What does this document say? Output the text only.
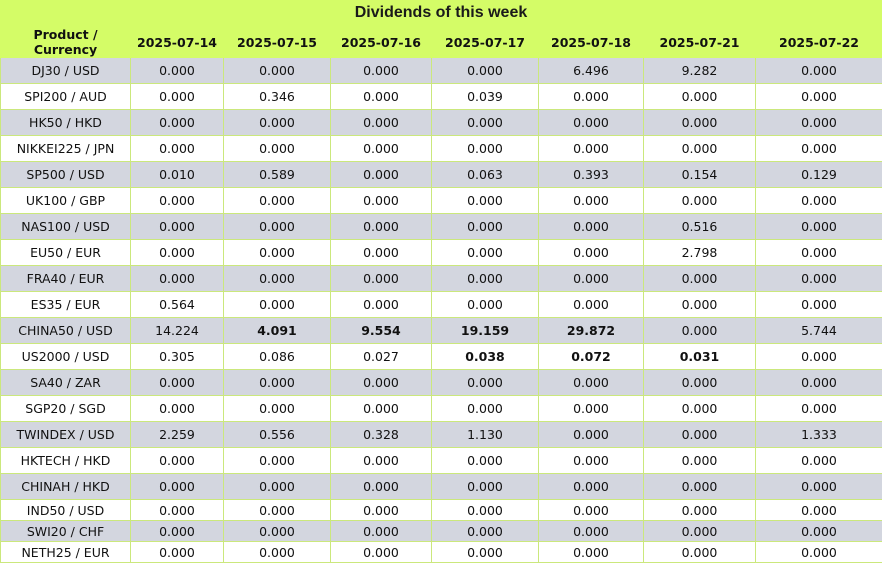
Dividends of this week
Product / Currency	2025-07-14	2025-07-15	2025-07-16	2025-07-17	2025-07-18	2025-07-21	2025-07-22
DJ30 / USD	0.000	0.000	0.000	0.000	6.496	9.282	0.000
SPI200 / AUD	0.000	0.346	0.000	0.039	0.000	0.000	0.000
HK50 / HKD	0.000	0.000	0.000	0.000	0.000	0.000	0.000
NIKKEI225 / JPN	0.000	0.000	0.000	0.000	0.000	0.000	0.000
SP500 / USD	0.010	0.589	0.000	0.063	0.393	0.154	0.129
UK100 / GBP	0.000	0.000	0.000	0.000	0.000	0.000	0.000
NAS100 / USD	0.000	0.000	0.000	0.000	0.000	0.516	0.000
EU50 / EUR	0.000	0.000	0.000	0.000	0.000	2.798	0.000
FRA40 / EUR	0.000	0.000	0.000	0.000	0.000	0.000	0.000
ES35 / EUR	0.564	0.000	0.000	0.000	0.000	0.000	0.000
CHINA50 / USD	14.224	4.091	9.554	19.159	29.872	0.000	5.744
US2000 / USD	0.305	0.086	0.027	0.038	0.072	0.031	0.000
SA40 / ZAR	0.000	0.000	0.000	0.000	0.000	0.000	0.000
SGP20 / SGD	0.000	0.000	0.000	0.000	0.000	0.000	0.000
TWINDEX / USD	2.259	0.556	0.328	1.130	0.000	0.000	1.333
HKTECH / HKD	0.000	0.000	0.000	0.000	0.000	0.000	0.000
CHINAH / HKD	0.000	0.000	0.000	0.000	0.000	0.000	0.000
IND50 / USD	0.000	0.000	0.000	0.000	0.000	0.000	0.000
SWI20 / CHF	0.000	0.000	0.000	0.000	0.000	0.000	0.000
NETH25 / EUR	0.000	0.000	0.000	0.000	0.000	0.000	0.000
